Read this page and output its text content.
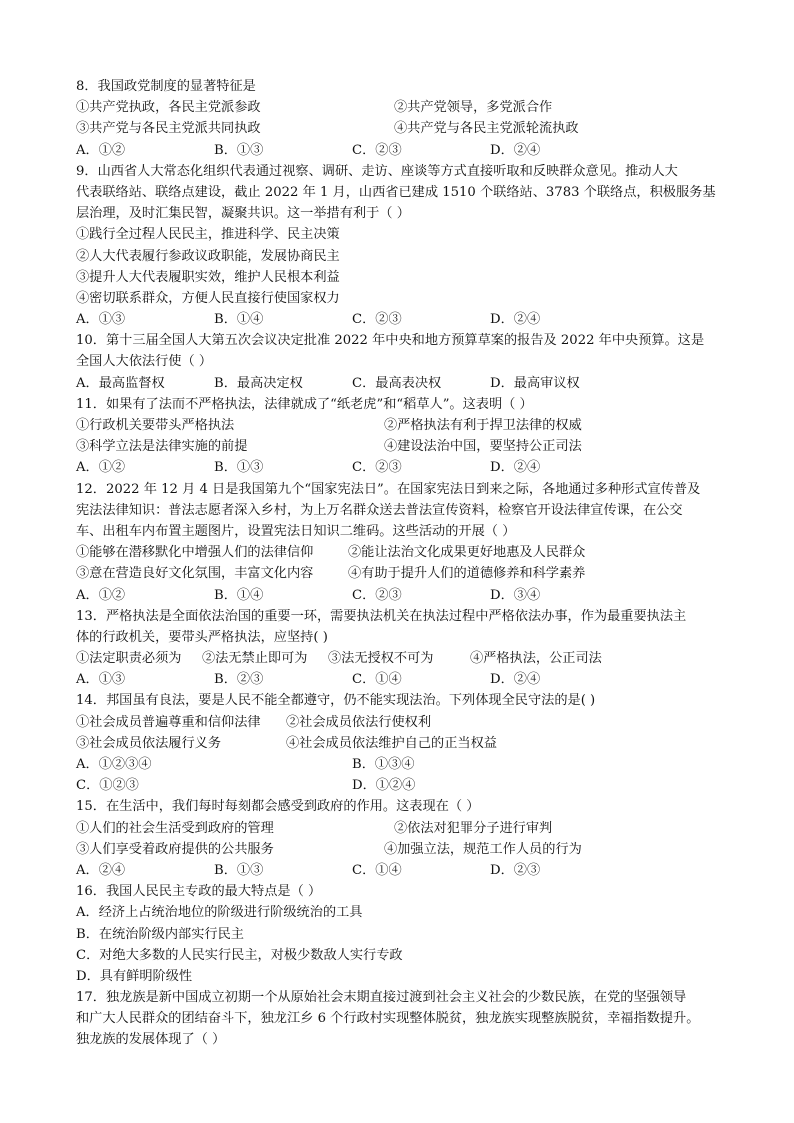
8．我国政党制度的显著特征是
①共产党执政，各民主党派参政	②共产党领导，多党派合作
③共产党与各民主党派共同执政	④共产党与各民主党派轮流执政
A．①②	B．①③	C．②③	D．②④
9．山西省人大常态化组织代表通过视察、调研、走访、座谈等方式直接听取和反映群众意见。推动人大
代表联络站、联络点建设，截止 2022 年 1 月，山西省已建成 1510 个联络站、3783 个联络点，积极服务基
层治理，及时汇集民智，凝聚共识。这一举措有利于（ ）
①践行全过程人民民主，推进科学、民主决策
②人大代表履行参政议政职能，发展协商民主
③提升人大代表履职实效，维护人民根本利益
④密切联系群众，方便人民直接行使国家权力
A．①③	B．①④	C．②③	D．②④
10．第十三届全国人大第五次会议决定批准 2022 年中央和地方预算草案的报告及 2022 年中央预算。这是
全国人大依法行使（ ）
A．最高监督权	B．最高决定权	C．最高表决权	D．最高审议权
11．如果有了法而不严格执法，法律就成了“纸老虎”和“稻草人”。这表明（ ）
①行政机关要带头严格执法	②严格执法有利于捍卫法律的权威
③科学立法是法律实施的前提	④建设法治中国，要坚持公正司法
A．①②	B．①③	C．②③	D．②④
12．2022 年 12 月 4 日是我国第九个“国家宪法日”。在国家宪法日到来之际，各地通过多种形式宣传普及
宪法法律知识：普法志愿者深入乡村，为上万名群众送去普法宣传资料，检察官开设法律宣传课，在公交
车、出租车内布置主题图片，设置宪法日知识二维码。这些活动的开展（ ）
①能够在潜移默化中增强人们的法律信仰	②能让法治文化成果更好地惠及人民群众
③意在营造良好文化氛围，丰富文化内容	④有助于提升人们的道德修养和科学素养
A．①②	B．①④	C．②③	D．③④
13．严格执法是全面依法治国的重要一环，需要执法机关在执法过程中严格依法办事，作为最重要执法主
体的行政机关，要带头严格执法，应坚持( )
①法定职责必须为 ②法无禁止即可为 ③法无授权不可为	④严格执法，公正司法
A．①③	B．②③	C．①④	D．②④
14．邦国虽有良法，要是人民不能全都遵守，仍不能实现法治。下列体现全民守法的是( )
①社会成员普遍尊重和信仰法律 ②社会成员依法行使权利
③社会成员依法履行义务	④社会成员依法维护自己的正当权益
A．①②③④	B．①③④
C．①②③	D．①②④
15．在生活中，我们每时每刻都会感受到政府的作用。这表现在（ ）
①人们的社会生活受到政府的管理	②依法对犯罪分子进行审判
③人们享受着政府提供的公共服务	④加强立法，规范工作人员的行为
A．②④	B．①③	C．①④	D．②③
16．我国人民民主专政的最大特点是（ ）
A．经济上占统治地位的阶级进行阶级统治的工具
B．在统治阶级内部实行民主
C．对绝大多数的人民实行民主，对极少数敌人实行专政
D．具有鲜明阶级性
17．独龙族是新中国成立初期一个从原始社会末期直接过渡到社会主义社会的少数民族，在党的坚强领导
和广大人民群众的团结奋斗下，独龙江乡 6 个行政村实现整体脱贫，独龙族实现整族脱贫，幸福指数提升。
独龙族的发展体现了（ ）
